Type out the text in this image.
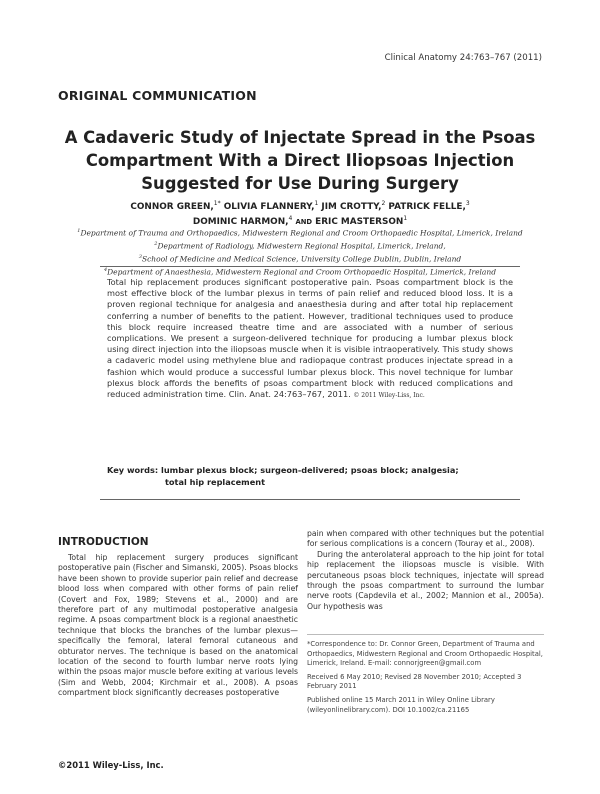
Clinical Anatomy 24:763–767 (2011)
ORIGINAL COMMUNICATION
A Cadaveric Study of Injectate Spread in the Psoas Compartment With a Direct Iliopsoas Injection Suggested for Use During Surgery
CONNOR GREEN,$^{1*}$ OLIVIA FLANNERY,$^1$ JIM CROTTY,$^2$ PATRICK FELLE,$^3$
DOMINIC HARMON,$^4$ AND ERIC MASTERSON$^1$
$^1$Department of Trauma and Orthopaedics, Midwestern Regional and Croom Orthopaedic Hospital, Limerick, Ireland
$^2$Department of Radiology, Midwestern Regional Hospital, Limerick, Ireland,
$^3$School of Medicine and Medical Science, University College Dublin, Dublin, Ireland
$^4$Department of Anaesthesia, Midwestern Regional and Croom Orthopaedic Hospital, Limerick, Ireland
Total hip replacement produces significant postoperative pain. Psoas compartment block is the most effective block of the lumbar plexus in terms of pain relief and reduced blood loss. It is a proven regional technique for analgesia and anaesthesia during and after total hip replacement conferring a number of benefits to the patient. However, traditional techniques used to produce this block require increased theatre time and are associated with a number of serious complications. We present a surgeon-delivered technique for producing a lumbar plexus block using direct injection into the iliopsoas muscle when it is visible intraoperatively. This study shows a cadaveric model using methylene blue and radiopaque contrast produces injectate spread in a fashion which would produce a successful lumbar plexus block. This novel technique for lumbar plexus block affords the benefits of psoas compartment block with reduced complications and reduced administration time. Clin. Anat. 24:763–767, 2011. © 2011 Wiley-Liss, Inc.
Key words: lumbar plexus block; surgeon-delivered; psoas block; analgesia;
total hip replacement
INTRODUCTION
Total hip replacement surgery produces significant postoperative pain (Fischer and Simanski, 2005). Psoas blocks have been shown to provide superior pain relief and decrease blood loss when compared with other forms of pain relief (Covert and Fox, 1989; Stevens et al., 2000) and are therefore part of any multimodal postoperative analgesia regime. A psoas compartment block is a regional anaesthetic technique that blocks the branches of the lumbar plexus—specifically the femoral, lateral femoral cutaneous and obturator nerves. The technique is based on the anatomical location of the second to fourth lumbar nerve roots lying within the psoas major muscle before exiting at various levels (Sim and Webb, 2004; Kirchmair et al., 2008). A psoas compartment block significantly decreases postoperative
pain when compared with other techniques but the potential for serious complications is a concern (Touray et al., 2008).
During the anterolateral approach to the hip joint for total hip replacement the iliopsoas muscle is visible. With percutaneous psoas block techniques, injectate will spread through the psoas compartment to surround the lumbar nerve roots (Capdevila et al., 2002; Mannion et al., 2005a). Our hypothesis was

*Correspondence to: Dr. Connor Green, Department of Trauma and Orthopaedics, Midwestern Regional and Croom Orthopaedic Hospital, Limerick, Ireland. E-mail: connorjgreen@gmail.com

Received 6 May 2010; Revised 28 November 2010; Accepted 3 February 2011

Published online 15 March 2011 in Wiley Online Library (wileyonlinelibrary.com). DOI 10.1002/ca.21165

©2011 Wiley-Liss, Inc.
